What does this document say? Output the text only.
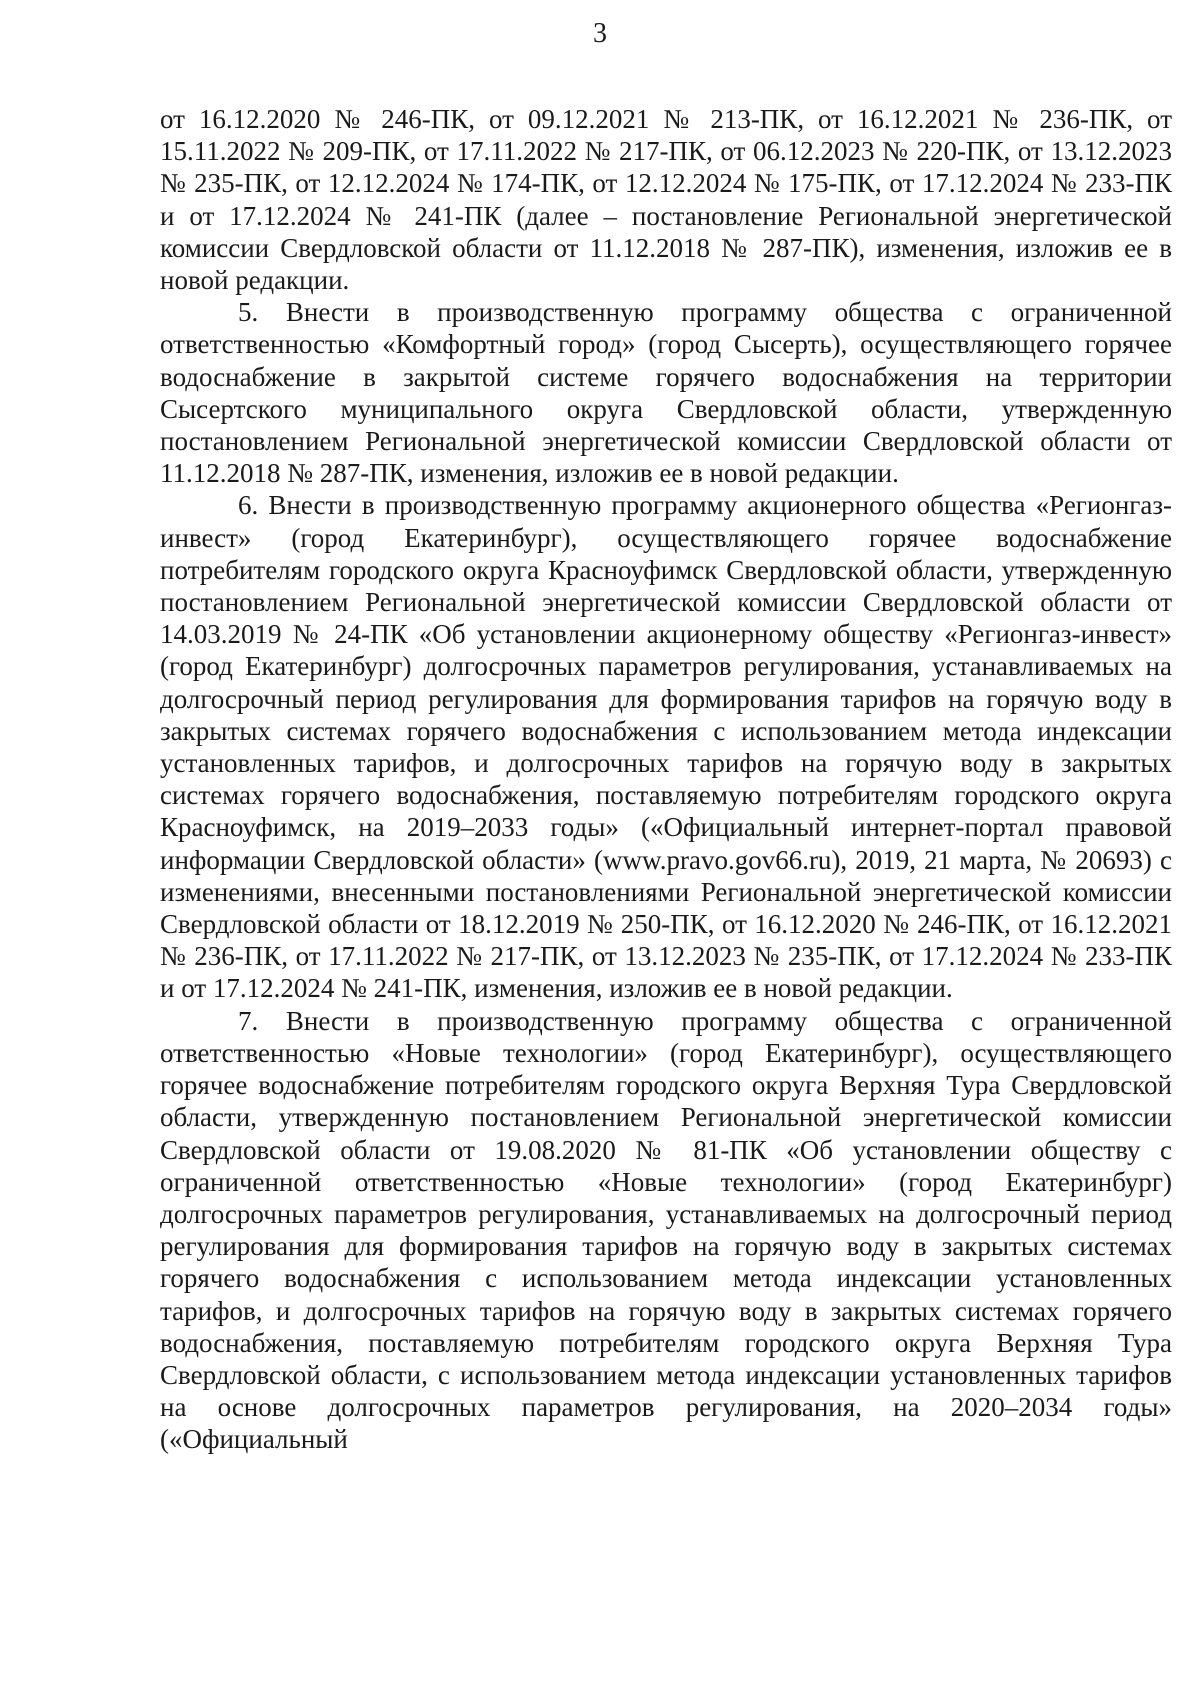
3

от 16.12.2020 № 246-ПК, от 09.12.2021 № 213-ПК, от 16.12.2021 № 236-ПК, от 15.11.2022 № 209-ПК, от 17.11.2022 № 217-ПК, от 06.12.2023 № 220-ПК, от 13.12.2023 № 235-ПК, от 12.12.2024 № 174-ПК, от 12.12.2024 № 175-ПК, от 17.12.2024 № 233-ПК и от 17.12.2024 № 241-ПК (далее – постановление Региональной энергетической комиссии Свердловской области от 11.12.2018 № 287-ПК), изменения, изложив ее в новой редакции.

5. Внести в производственную программу общества с ограниченной ответственностью «Комфортный город» (город Сысерть), осуществляющего горячее водоснабжение в закрытой системе горячего водоснабжения на территории Сысертского муниципального округа Свердловской области, утвержденную постановлением Региональной энергетической комиссии Свердловской области от 11.12.2018 № 287-ПК, изменения, изложив ее в новой редакции.

6. Внести в производственную программу акционерного общества «Регионгаз-инвест» (город Екатеринбург), осуществляющего горячее водоснабжение потребителям городского округа Красноуфимск Свердловской области, утвержденную постановлением Региональной энергетической комиссии Свердловской области от 14.03.2019 № 24-ПК «Об установлении акционерному обществу «Регионгаз-инвест» (город Екатеринбург) долгосрочных параметров регулирования, устанавливаемых на долгосрочный период регулирования для формирования тарифов на горячую воду в закрытых системах горячего водоснабжения с использованием метода индексации установленных тарифов, и долгосрочных тарифов на горячую воду в закрытых системах горячего водоснабжения, поставляемую потребителям городского округа Красноуфимск, на 2019–2033 годы» («Официальный интернет-портал правовой информации Свердловской области» (www.pravo.gov66.ru), 2019, 21 марта, № 20693) с изменениями, внесенными постановлениями Региональной энергетической комиссии Свердловской области от 18.12.2019 № 250-ПК, от 16.12.2020 № 246-ПК, от 16.12.2021 № 236-ПК, от 17.11.2022 № 217-ПК, от 13.12.2023 № 235-ПК, от 17.12.2024 № 233-ПК и от 17.12.2024 № 241-ПК, изменения, изложив ее в новой редакции.

7. Внести в производственную программу общества с ограниченной ответственностью «Новые технологии» (город Екатеринбург), осуществляющего горячее водоснабжение потребителям городского округа Верхняя Тура Свердловской области, утвержденную постановлением Региональной энергетической комиссии Свердловской области от 19.08.2020 № 81-ПК «Об установлении обществу с ограниченной ответственностью «Новые технологии» (город Екатеринбург) долгосрочных параметров регулирования, устанавливаемых на долгосрочный период регулирования для формирования тарифов на горячую воду в закрытых системах горячего водоснабжения с использованием метода индексации установленных тарифов, и долгосрочных тарифов на горячую воду в закрытых системах горячего водоснабжения, поставляемую потребителям городского округа Верхняя Тура Свердловской области, с использованием метода индексации установленных тарифов на основе долгосрочных параметров регулирования, на 2020–2034 годы» («Официальный
